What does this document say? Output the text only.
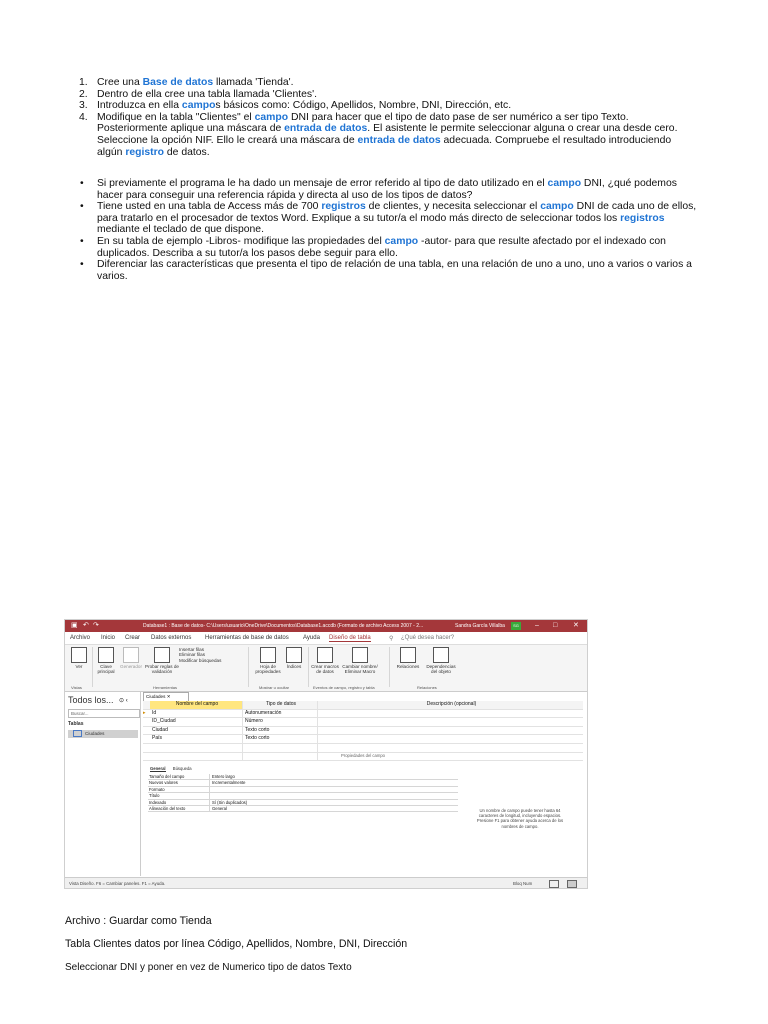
1. Cree una Base de datos llamada 'Tienda'.
2. Dentro de ella cree una tabla llamada 'Clientes'.
3. Introduzca en ella campos básicos como: Código, Apellidos, Nombre, DNI, Dirección, etc.
4. Modifique en la tabla "Clientes" el campo DNI para hacer que el tipo de dato pase de ser numérico a ser tipo Texto. Posteriormente aplique una máscara de entrada de datos. El asistente le permite seleccionar alguna o crear una desde cero. Seleccione la opción NIF. Ello le creará una máscara de entrada de datos adecuada. Compruebe el resultado introduciendo algún registro de datos.
•	Si previamente el programa le ha dado un mensaje de error referido al tipo de dato utilizado en el campo DNI, ¿qué podemos hacer para conseguir una referencia rápida y directa al uso de los tipos de datos?
•	Tiene usted en una tabla de Access más de 700 registros de clientes, y necesita seleccionar el campo DNI de cada uno de ellos, para tratarlo en el procesador de textos Word. Explique a su tutor/a el modo más directo de seleccionar todos los registros mediante el teclado de que dispone.
•	En su tabla de ejemplo -Libros- modifique las propiedades del campo -autor- para que resulte afectado por el indexado con duplicados. Describa a su tutor/a los pasos debe seguir para ello.
•	Diferenciar las características que presenta el tipo de relación de una tabla, en una relación de uno a uno, uno a varios o varios a varios.
▣ ↶ ↷	Database1 : Base de datos- C:\Users\usuario\OneDrive\Documentos\Database1.accdb (Formato de archivo Access 2007 - 2...	Sandra García Villalba	SG	– □ ✕
Archivo Inicio Crear Datos externos Herramientas de base de datos Ayuda Diseño de tabla	⚲ ¿Qué desea hacer?
Ver	Clave principal
Generador Probar reglas de validación
Insertar filas
Eliminar filas
Modificar búsquedas
Hoja de propiedades
Índices	Crear macros de datos
Cambiar nombre/ Eliminar Macro
Relaciones	Dependencias del objeto
Vistas	Herramientas	Mostrar u ocultar	Eventos de campo, registro y tabla	Relaciones
Todos los... ⊙ ‹
Buscar...
Tablas
Ciudades
Ciudades ✕
Nombre del campo	Tipo de datos	Descripción (opcional)
▸	Id	Autonumeración
ID_Ciudad	Número
Ciudad	Texto corto
País	Texto corto
Propiedades del campo
General Búsqueda
Tamaño del campo	Entero largo
Nuevos valores	Incrementalmente
Formato
Título
Indexado	Sí (Sin duplicados)
Alineación del texto	General	Un nombre de campo puede tener hasta 64 caracteres de longitud, incluyendo espacios. Presione F1 para obtener ayuda acerca de los nombres de campo.
Vista Diseño. F6 = Cambiar paneles. F1 = Ayuda.	Bloq Num
Archivo : Guardar como Tienda
Tabla Clientes datos por línea Código, Apellidos, Nombre, DNI, Dirección
Seleccionar DNI y poner en vez de Numerico tipo de datos Texto
